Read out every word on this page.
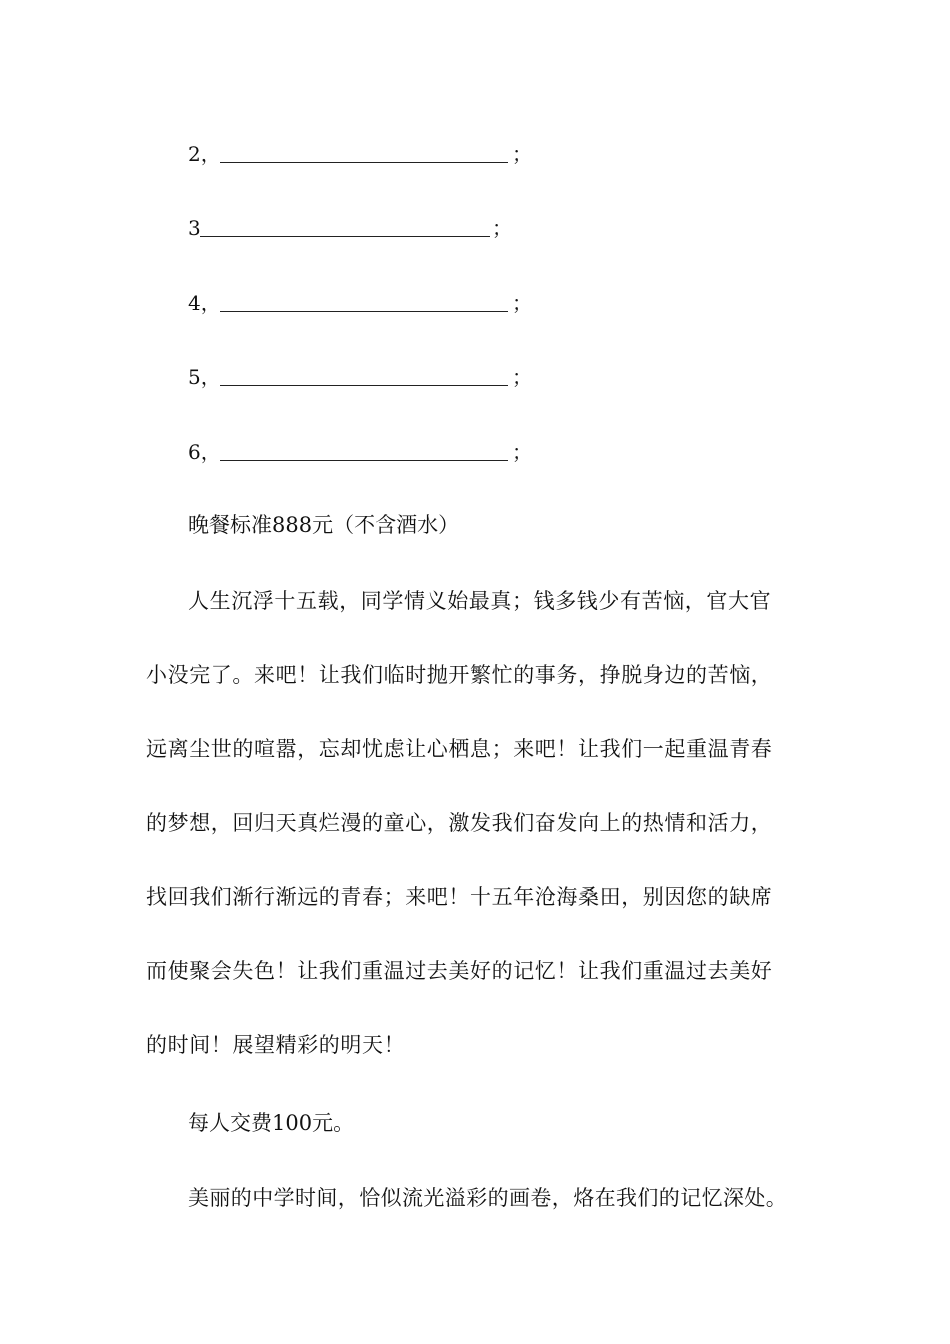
2，	；
3	；
4，	；
5，	；
6，	；
晚餐标准888元（不含酒水）
人生沉浮十五载，同学情义始最真；钱多钱少有苦恼，官大官
小没完了。来吧！让我们临时抛开繁忙的事务，挣脱身边的苦恼，
远离尘世的喧嚣，忘却忧虑让心栖息；来吧！让我们一起重温青春
的梦想，回归天真烂漫的童心，激发我们奋发向上的热情和活力，
找回我们渐行渐远的青春；来吧！十五年沧海桑田，别因您的缺席
而使聚会失色！让我们重温过去美好的记忆！让我们重温过去美好
的时间！展望精彩的明天！
每人交费100元。
美丽的中学时间，恰似流光溢彩的画卷，烙在我们的记忆深处。
